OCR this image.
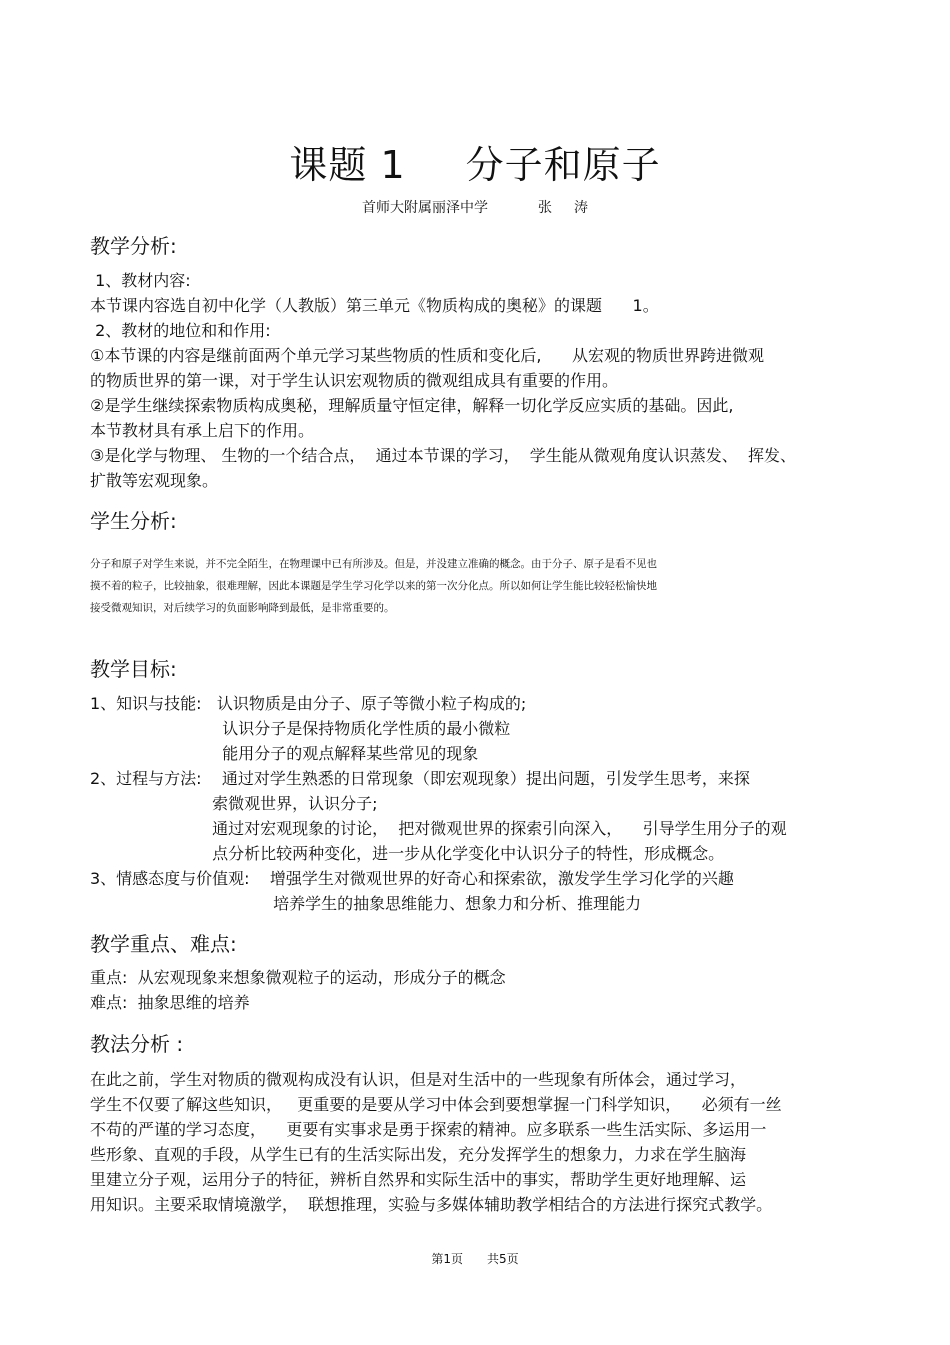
课题 1 分子和原子
首师大附属丽泽中学	张 涛
教学分析:
1、教材内容:
本节课内容选自初中化学（人教版）第三单元《物质构成的奥秘》的课题      1。
2、教材的地位和和作用:
①本节课的内容是继前面两个单元学习某些物质的性质和变化后,      从宏观的物质世界跨进微观
的物质世界的第一课，对于学生认识宏观物质的微观组成具有重要的作用。
②是学生继续探索物质构成奥秘，理解质量守恒定律，解释一切化学反应实质的基础。因此,
本节教材具有承上启下的作用。
③是化学与物理、 生物的一个结合点，  通过本节课的学习，  学生能从微观角度认识蒸发、  挥发、
扩散等宏观现象。
学生分析:
分子和原子对学生来说，并不完全陌生，在物理课中已有所涉及。但是，并没建立准确的概念。由于分子、原子是看不见也
摸不着的粒子，比较抽象，很难理解，因此本课题是学生学习化学以来的第一次分化点。所以如何让学生能比较轻松愉快地
接受微观知识，对后续学习的负面影响降到最低，是非常重要的。
教学目标:
1、知识与技能:   认识物质是由分子、原子等微小粒子构成的;
认识分子是保持物质化学性质的最小微粒
能用分子的观点解释某些常见的现象
2、过程与方法:    通过对学生熟悉的日常现象（即宏观现象）提出问题，引发学生思考，来探
索微观世界，认识分子;
通过对宏观现象的讨论，  把对微观世界的探索引向深入，    引导学生用分子的观
点分析比较两种变化，进一步从化学变化中认识分子的特性，形成概念。
3、情感态度与价值观:    增强学生对微观世界的好奇心和探索欲，激发学生学习化学的兴趣
培养学生的抽象思维能力、想象力和分析、推理能力
教学重点、难点:
重点:  从宏观现象来想象微观粒子的运动，形成分子的概念
难点:  抽象思维的培养
教法分析 :
在此之前，学生对物质的微观构成没有认识，但是对生活中的一些现象有所体会，通过学习，
学生不仅要了解这些知识，   更重要的是要从学习中体会到要想掌握一门科学知识，    必须有一丝
不苟的严谨的学习态度，    更要有实事求是勇于探索的精神。应多联系一些生活实际、多运用一
些形象、直观的手段，从学生已有的生活实际出发，充分发挥学生的想象力，力求在学生脑海
里建立分子观，运用分子的特征，辨析自然界和实际生活中的事实，帮助学生更好地理解、运
用知识。主要采取情境激学，  联想推理，实验与多媒体辅助教学相结合的方法进行探究式教学。
第1页 共5页
